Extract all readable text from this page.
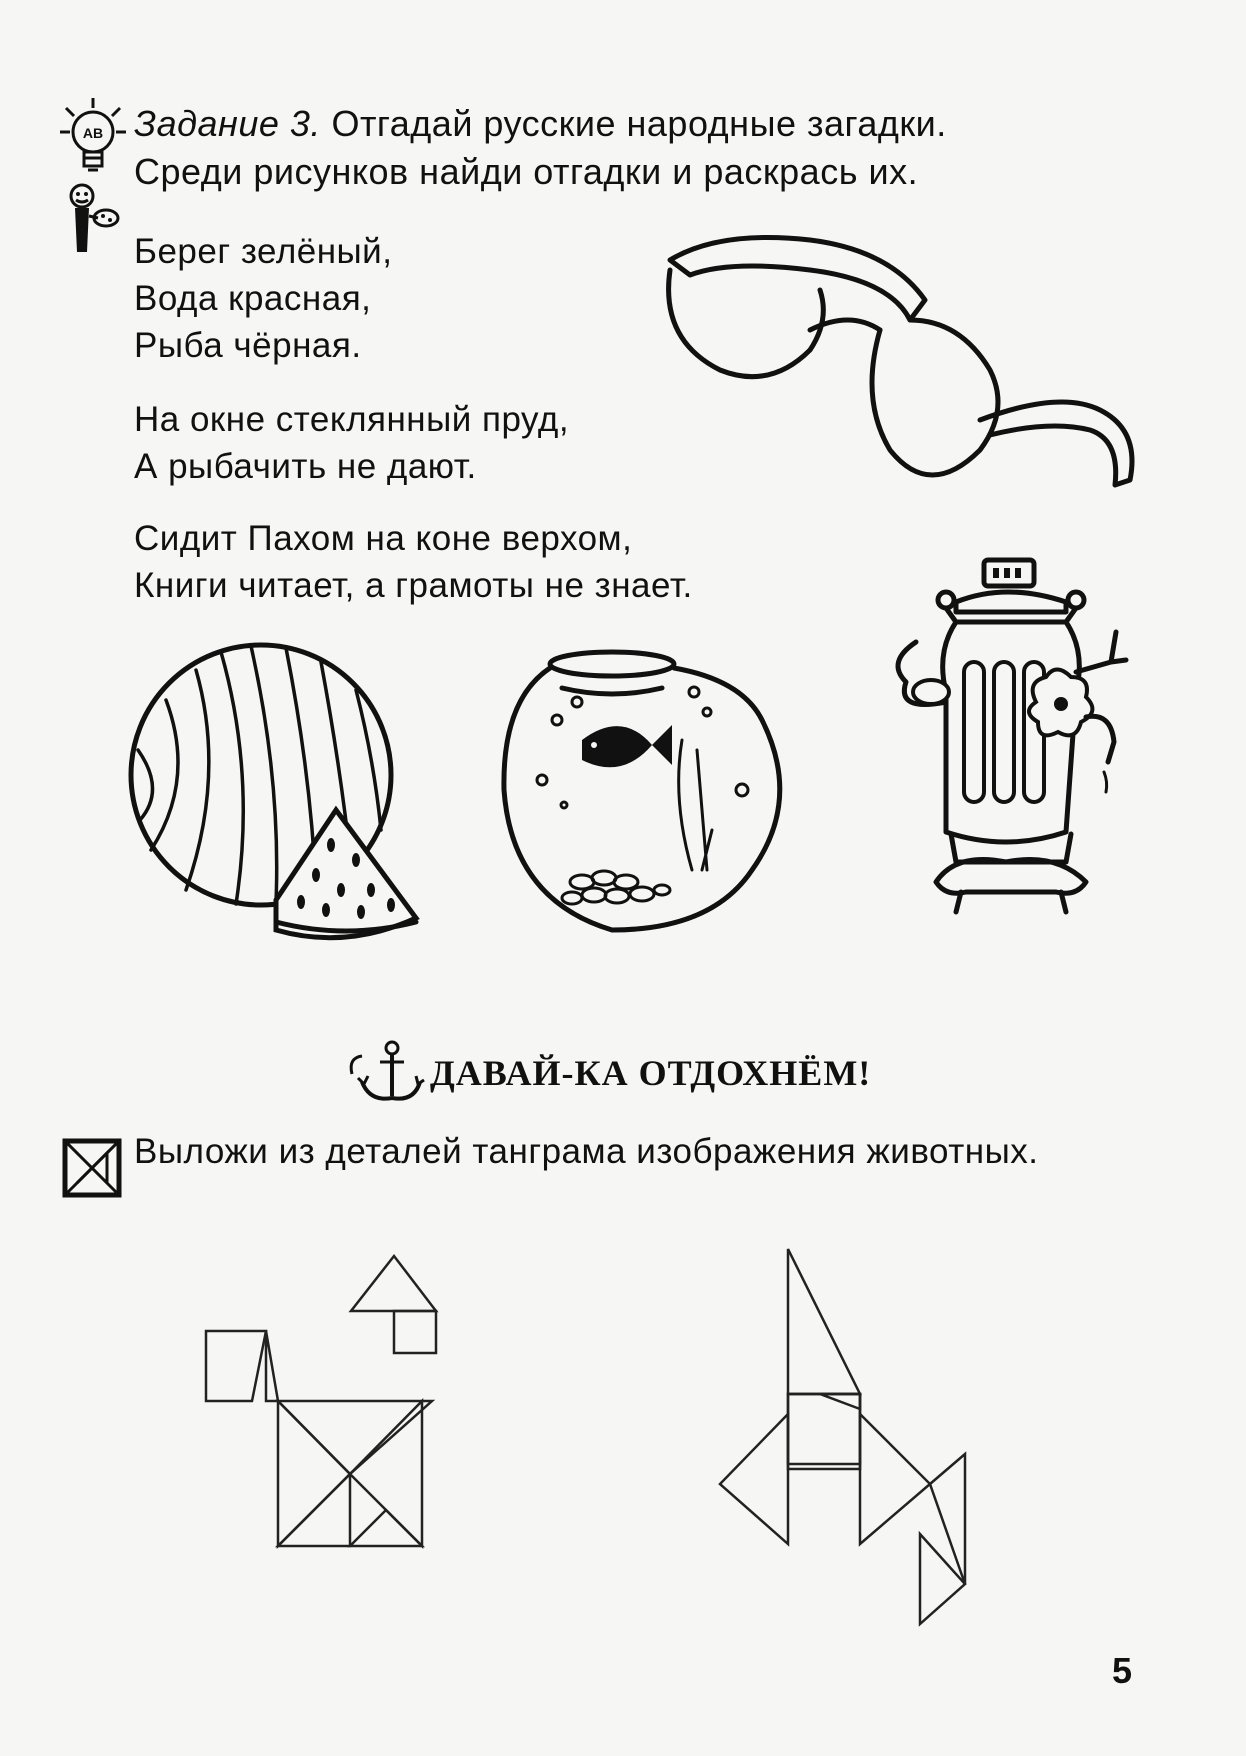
AB Задание 3. Отгадай русские народные загадки.
Среди рисунков найди отгадки и раскрась их.
Берег зелёный,
Вода красная,
Рыба чёрная.
На окне стеклянный пруд,
А рыбачить не дают.
Сидит Пахом на коне верхом,
Книги читает, а грамоты не знает.
ДАВАЙ-КА ОТДОХНЁМ!
Выложи из деталей танграма изображения животных.
5
